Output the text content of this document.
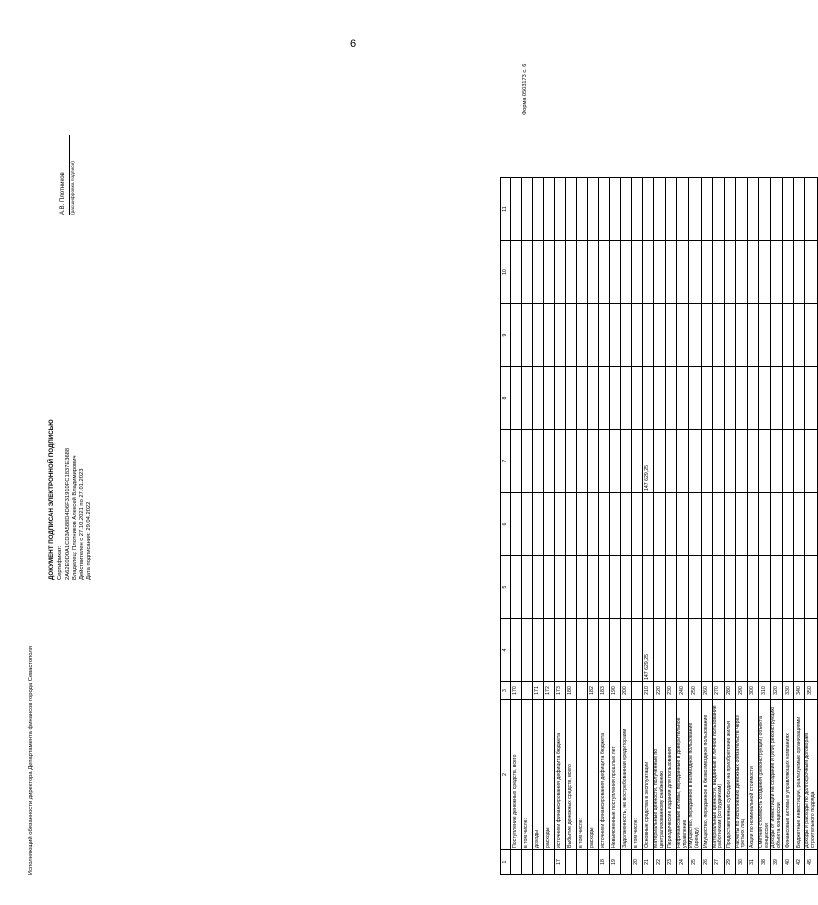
6
Форма 0503173 с. 6
1	2	3	4	5	6	7	8	9	10	11
	Поступление денежных средств, всего	170								
	в том числе:									
	доходы	171								
	расходы	172								
17	источники финансирования дефицита бюджета	173								
	Выбытие денежных средств, всего	180								
	в том числе:									
	расходы	182								
18	источники финансирования дефицита бюджета	183								
19	Невыясненные поступления прошлых лет	190								
	Задолженность, не востребованная кредиторами	200								
20	в том числе:									
21	Основные средства в эксплуатации	210	147 629,25			147 629,25				
22	Материальные ценности, полученные по централизованному снабжению	220								
23	Периодические издания для пользования	230								
24	Нефинансовые активы, переданные в доверительное управление	240								
25	Имущество, переданное в возмездное пользование (аренду)	250								
26	Имущество, переданное в безвозмездное пользование	260								
27	Материальные ценности, выданные в личное пользование работникам (сотрудникам)	270								
29	Предоставленные субсидии на приобретение жилья	280								
30	Расчеты по исполнению денежных обязательств через третьих лиц	290								
31	Акции по номинальной стоимости	300								
38	Сметная стоимость создания (реконструкции) объекта концессии	310								
39	Доходы от инвестиций на создание и (или) реконструкцию объекта концессии	320								
40	Финансовые активы в управляющих компаниях	330								
42	Бюджетные инвестиции, реализуемые организациями	340								
45	Доходы и расходы по долгосрочным договорам строительного подряда	350								
Исполняющий обязанности директора Департамента финансов города Севастополя
ДОКУМЕНТ ПОДПИСАН ЭЛЕКТРОННОЙ ПОДПИСЬЮ Сертификат: 2A62E0D0A1CD3A588D4D6F31910FC1837E3688 Владелец: Плотников Алексей Владимирович Действителен с 27.10.2021 по 27.01.2023 Дата подписания: 29.04.2022
А.В. Плотников (расшифровка подписи)
